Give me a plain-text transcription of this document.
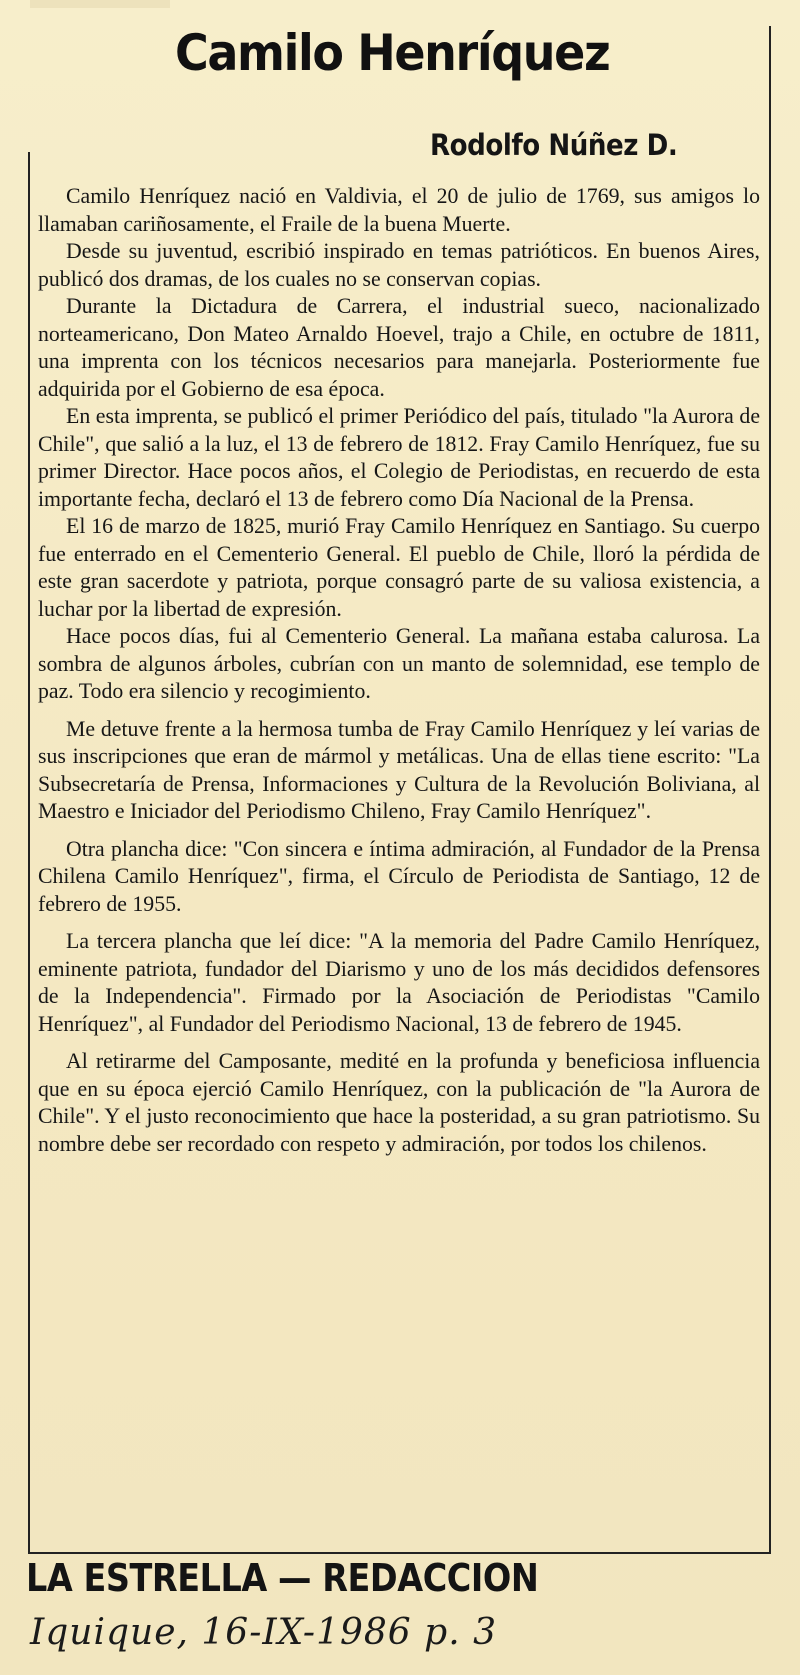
Camilo Henríquez
Rodolfo Núñez D.

Camilo Henríquez nació en Valdivia, el 20 de julio de 1769, sus amigos lo llamaban cariñosamente, el Fraile de la buena Muerte.

Desde su juventud, escribió inspirado en temas patrióticos. En buenos Aires, publicó dos dramas, de los cuales no se conservan copias.

Durante la Dictadura de Carrera, el industrial sueco, nacionalizado norteamericano, Don Mateo Arnaldo Hoevel, trajo a Chile, en octubre de 1811, una imprenta con los técnicos necesarios para manejarla. Posteriormente fue adquirida por el Gobierno de esa época.

En esta imprenta, se publicó el primer Periódico del país, titulado "la Aurora de Chile", que salió a la luz, el 13 de febrero de 1812. Fray Camilo Henríquez, fue su primer Director. Hace pocos años, el Colegio de Periodistas, en recuerdo de esta importante fecha, declaró el 13 de febrero como Día Nacional de la Prensa.

El 16 de marzo de 1825, murió Fray Camilo Henríquez en Santiago. Su cuerpo fue enterrado en el Cementerio General. El pueblo de Chile, lloró la pérdida de este gran sacerdote y patriota, porque consagró parte de su valiosa existencia, a luchar por la libertad de expresión.

Hace pocos días, fui al Cementerio General. La mañana estaba calurosa. La sombra de algunos árboles, cubrían con un manto de solemnidad, ese templo de paz. Todo era silencio y recogimiento.

Me detuve frente a la hermosa tumba de Fray Camilo Henríquez y leí varias de sus inscripciones que eran de mármol y metálicas. Una de ellas tiene escrito: "La Subsecretaría de Prensa, Informaciones y Cultura de la Revolución Boliviana, al Maestro e Iniciador del Periodismo Chileno, Fray Camilo Henríquez".

Otra plancha dice: "Con sincera e íntima admiración, al Fundador de la Prensa Chilena Camilo Henríquez", firma, el Círculo de Periodista de Santiago, 12 de febrero de 1955.

La tercera plancha que leí dice: "A la memoria del Padre Camilo Henríquez, eminente patriota, fundador del Diarismo y uno de los más decididos defensores de la Independencia". Firmado por la Asociación de Periodistas "Camilo Henríquez", al Fundador del Periodismo Nacional, 13 de febrero de 1945.

Al retirarme del Camposante, medité en la profunda y beneficiosa influencia que en su época ejerció Camilo Henríquez, con la publicación de "la Aurora de Chile". Y el justo reconocimiento que hace la posteridad, a su gran patriotismo. Su nombre debe ser recordado con respeto y admiración, por todos los chilenos.

LA ESTRELLA — REDACCION
Iquique, 16-IX-1986 p. 3
